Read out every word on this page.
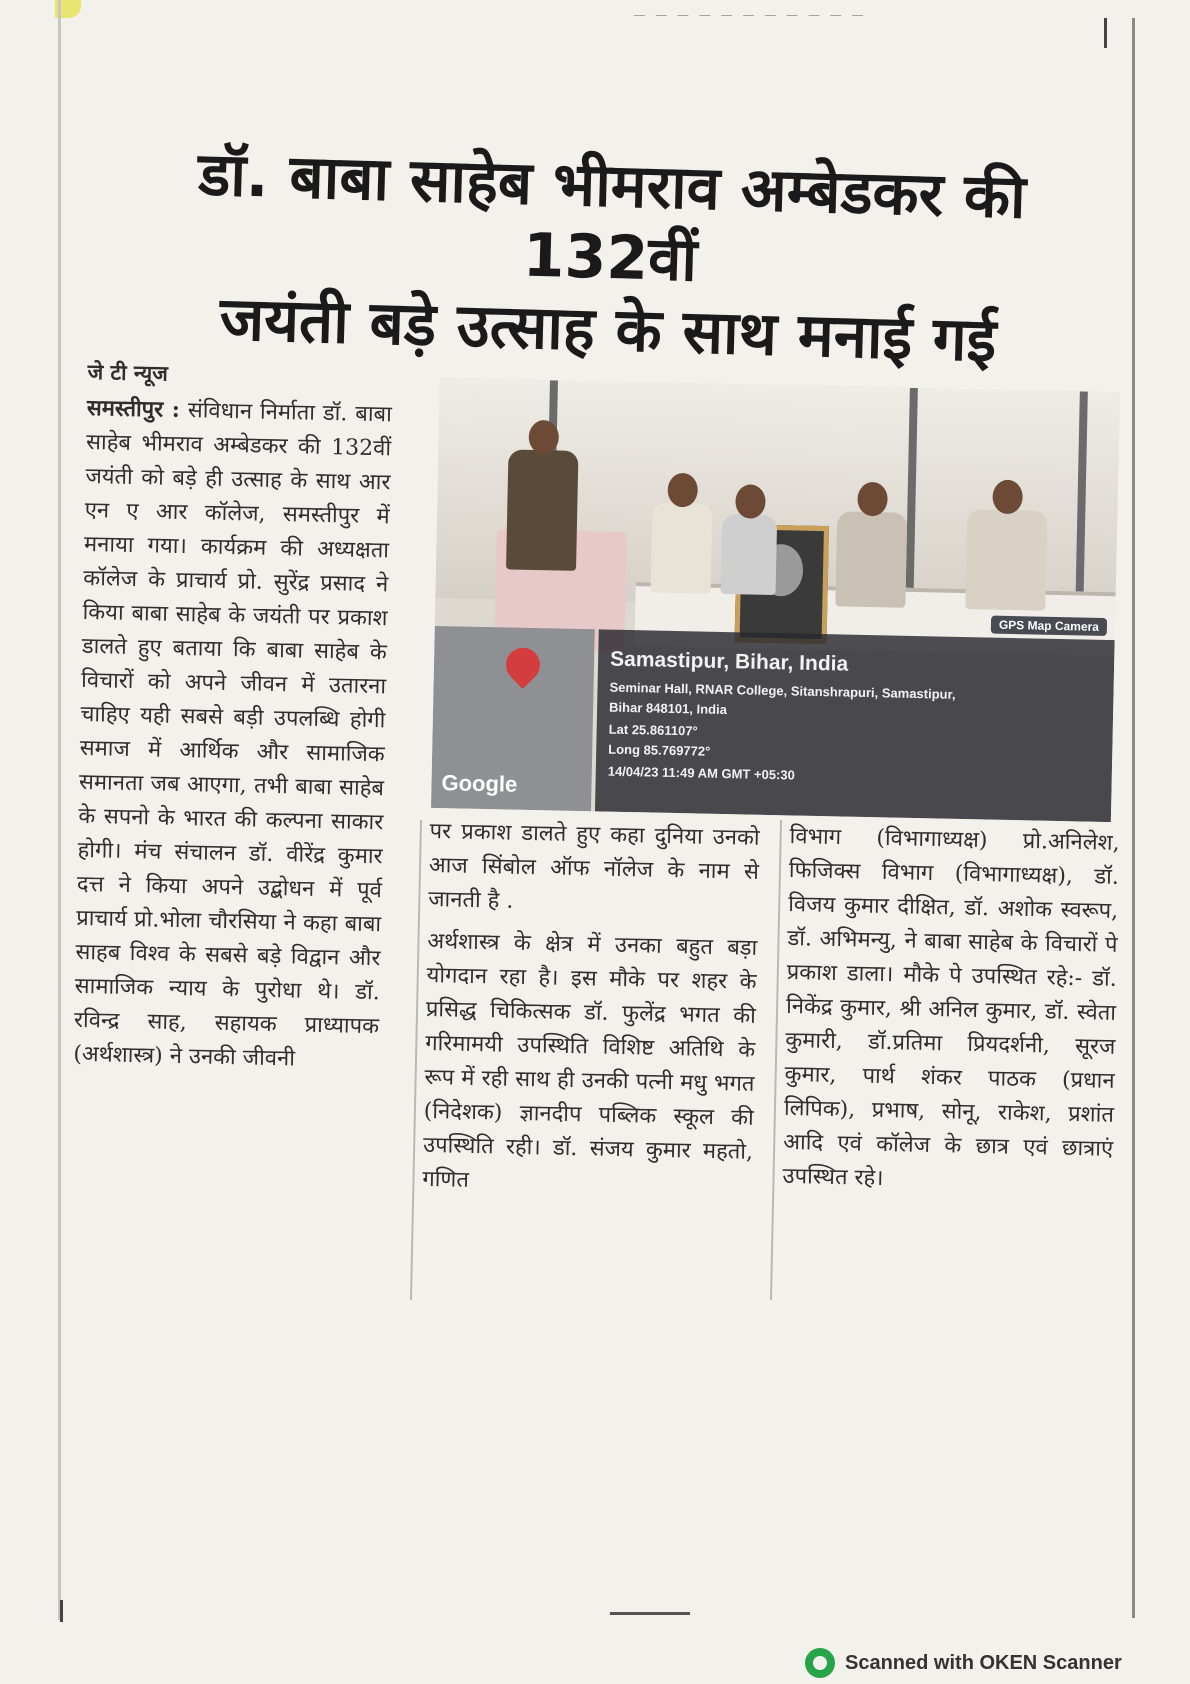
— — — — — — — — — — —
डॉ. बाबा साहेब भीमराव अम्बेडकर की 132वीं
जयंती बड़े उत्साह के साथ मनाई गई
जे टी न्यूज

समस्तीपुर : संविधान निर्माता डॉ. बाबा साहेब भीमराव अम्बेडकर की 132वीं जयंती को बड़े ही उत्साह के साथ आर एन ए आर कॉलेज, समस्तीपुर में मनाया गया। कार्यक्रम की अध्यक्षता कॉलेज के प्राचार्य प्रो. सुरेंद्र प्रसाद ने किया बाबा साहेब के जयंती पर प्रकाश डालते हुए बताया कि बाबा साहेब के विचारों को अपने जीवन में उतारना चाहिए यही सबसे बड़ी उपलब्धि होगी समाज में आर्थिक और सामाजिक समानता जब आएगा, तभी बाबा साहेब के सपनो के भारत की कल्पना साकार होगी। मंच संचालन डॉ. वीरेंद्र कुमार दत्त ने किया अपने उद्बोधन में पूर्व प्राचार्य प्रो.भोला चौरसिया ने कहा बाबा साहब विश्व के सबसे बड़े विद्वान और सामाजिक न्याय के पुरोधा थे। डॉ. रविन्द्र साह, सहायक प्राध्यापक (अर्थशास्त्र) ने उनकी जीवनी

Google
GPS Map Camera
Samastipur, Bihar, India
Seminar Hall, RNAR College, Sitanshrapuri, Samastipur,
Bihar 848101, India
Lat 25.861107°
Long 85.769772°
14/04/23 11:49 AM GMT +05:30

पर प्रकाश डालते हुए कहा दुनिया उनको आज सिंबोल ऑफ नॉलेज के नाम से जानती है .

अर्थशास्त्र के क्षेत्र में उनका बहुत बड़ा योगदान रहा है। इस मौके पर शहर के प्रसिद्ध चिकित्सक डॉ. फुलेंद्र भगत की गरिमामयी उपस्थिति विशिष्ट अतिथि के रूप में रही साथ ही उनकी पत्नी मधु भगत (निदेशक) ज्ञानदीप पब्लिक स्कूल की उपस्थिति रही। डॉ. संजय कुमार महतो, गणित

विभाग (विभागाध्यक्ष) प्रो.अनिलेश, फिजिक्स विभाग (विभागाध्यक्ष), डॉ. विजय कुमार दीक्षित, डॉ. अशोक स्वरूप, डॉ. अभिमन्यु, ने बाबा साहेब के विचारों पे प्रकाश डाला। मौके पे उपस्थित रहे:- डॉ. निकेंद्र कुमार, श्री अनिल कुमार, डॉ. स्वेता कुमारी, डॉ.प्रतिमा प्रियदर्शनी, सूरज कुमार, पार्थ शंकर पाठक (प्रधान लिपिक), प्रभाष, सोनू, राकेश, प्रशांत आदि एवं कॉलेज के छात्र एवं छात्राएं उपस्थित रहे।

Scanned with OKEN Scanner
